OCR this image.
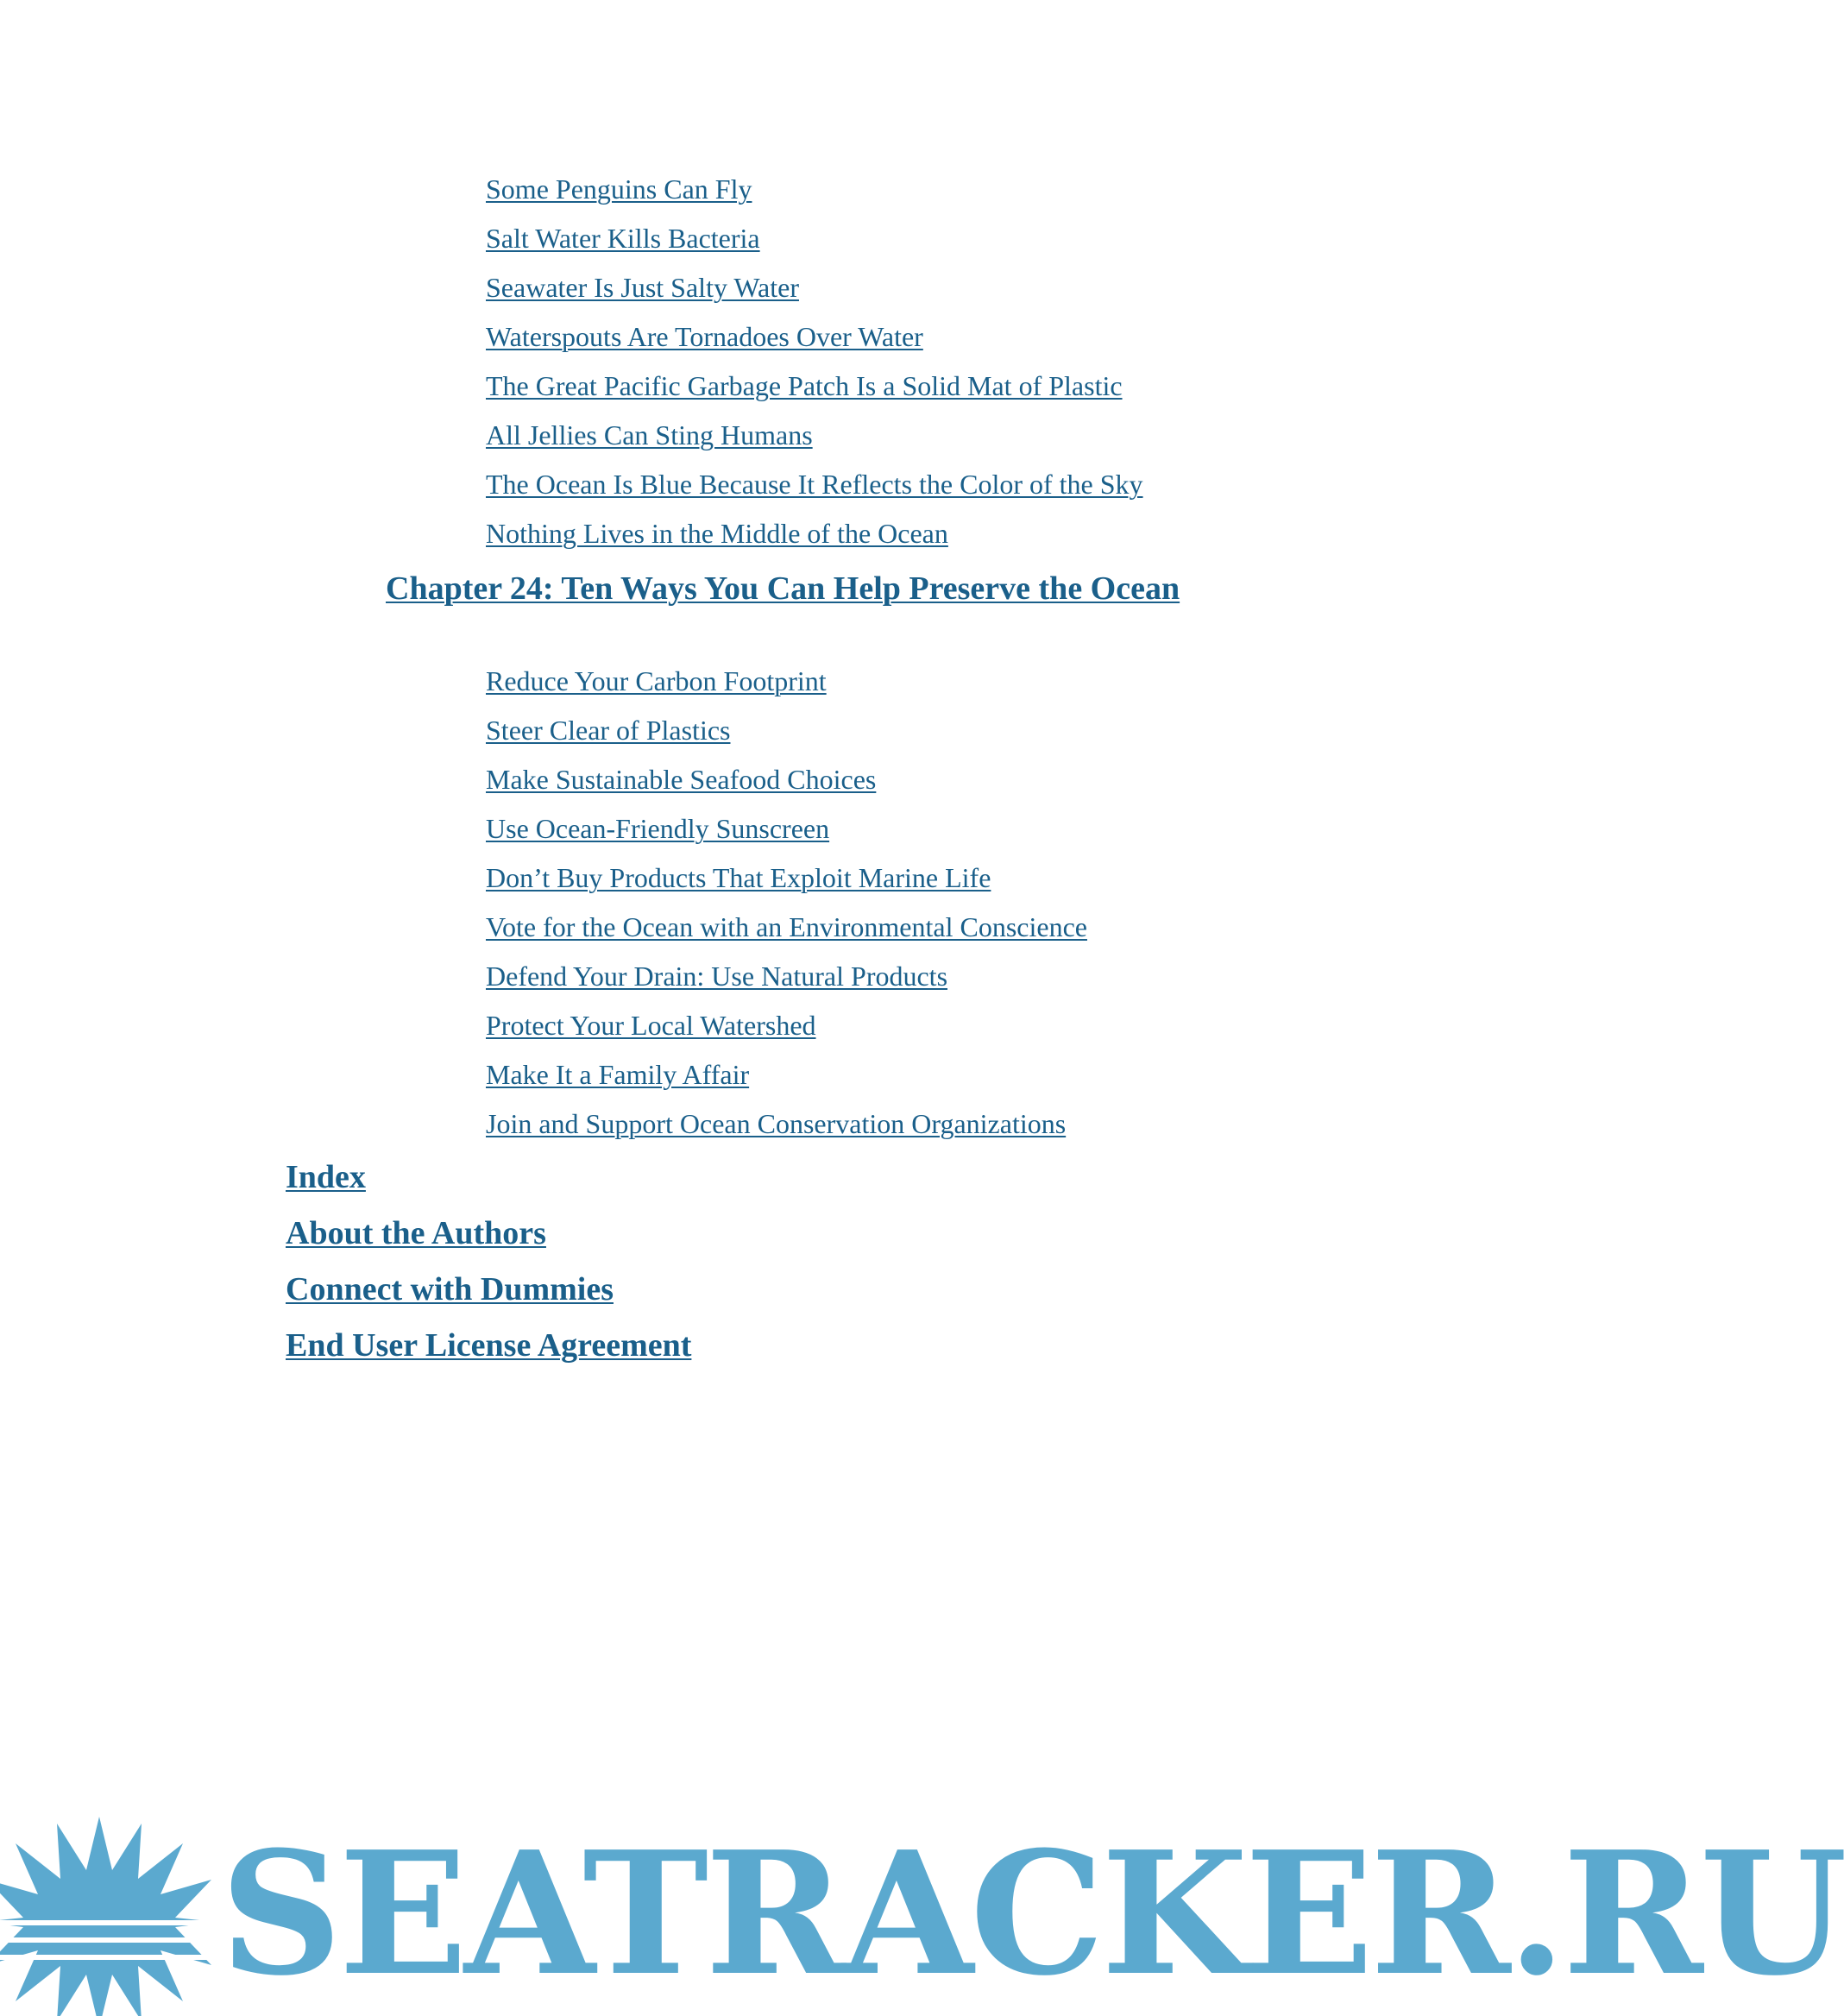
Some Penguins Can Fly
Salt Water Kills Bacteria
Seawater Is Just Salty Water
Waterspouts Are Tornadoes Over Water
The Great Pacific Garbage Patch Is a Solid Mat of Plastic
All Jellies Can Sting Humans
The Ocean Is Blue Because It Reflects the Color of the Sky
Nothing Lives in the Middle of the Ocean
Chapter 24: Ten Ways You Can Help Preserve the Ocean
Reduce Your Carbon Footprint
Steer Clear of Plastics
Make Sustainable Seafood Choices
Use Ocean-Friendly Sunscreen
Don’t Buy Products That Exploit Marine Life
Vote for the Ocean with an Environmental Conscience
Defend Your Drain: Use Natural Products
Protect Your Local Watershed
Make It a Family Affair
Join and Support Ocean Conservation Organizations
Index
About the Authors
Connect with Dummies
End User License Agreement
SEATRACKER.RU
